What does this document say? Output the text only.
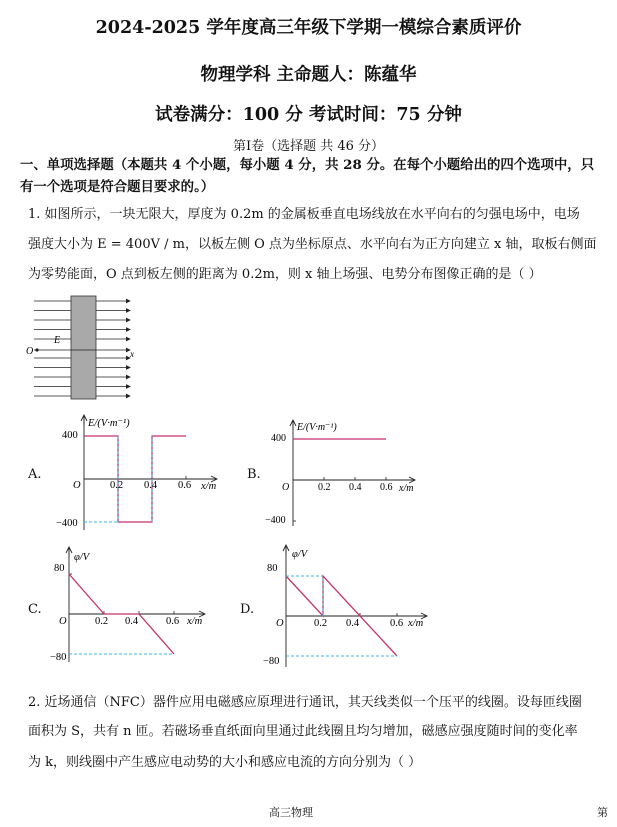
2024-2025 学年度高三年级下学期一模综合素质评价
物理学科 主命题人：陈蕴华
试卷满分：100 分 考试时间：75 分钟
第Ⅰ卷（选择题 共 46 分）
一、单项选择题（本题共 4 个小题，每小题 4 分，共 28 分。在每个小题给出的四个选项中，只
有一个选项是符合题目要求的。）
1. 如图所示，一块无限大，厚度为 0.2m 的金属板垂直电场线放在水平向右的匀强电场中，电场
强度大小为 E = 400V / m，以板左侧 O 点为坐标原点、水平向右为正方向建立 x 轴，取板右侧面
为零势能面，O 点到板左侧的距离为 0.2m，则 x 轴上场强、电势分布图像正确的是（ ）
O
E
x
A.	B.
C.	D.
E/(V·m⁻¹)
x/m
O
400
−400
0.2 0.4 0.6
E/(V·m⁻¹)
x/m
O
400
−400
0.2 0.4 0.6
φ/V
x/m
O
80
−80
0.2 0.4	0.6
φ/V
x/m
O
80
−80
0.2 0.4	0.6
2. 近场通信（NFC）器件应用电磁感应原理进行通讯，其天线类似一个压平的线圈。设每匝线圈
面积为 S，共有 n 匝。若磁场垂直纸面向里通过此线圈且均匀增加，磁感应强度随时间的变化率
为 k，则线圈中产生感应电动势的大小和感应电流的方向分别为（ ）
高三物理	第
